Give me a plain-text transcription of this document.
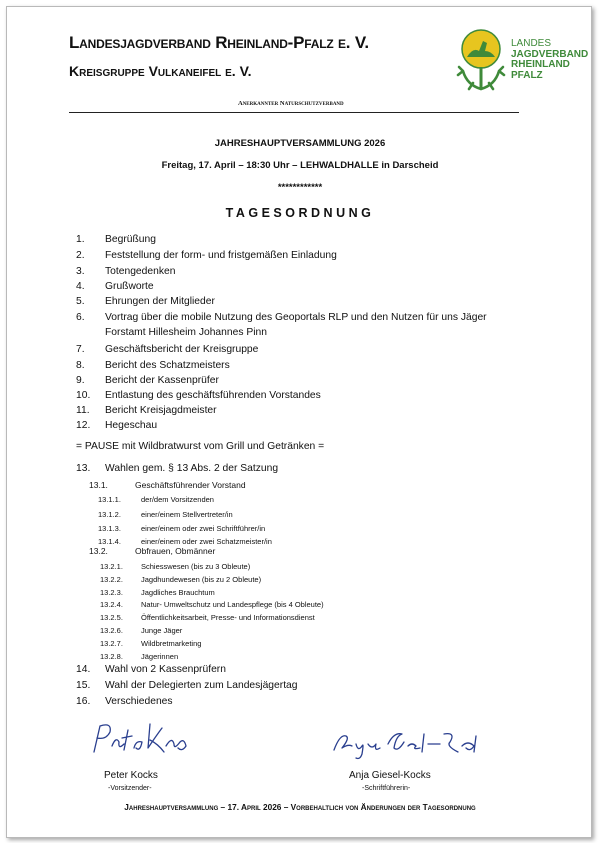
Landesjagdverband Rheinland-Pfalz e. V.
Kreisgruppe Vulkaneifel e. V.
Anerkannter Naturschutzverband
LANDES
JAGDVERBAND
RHEINLAND
PFALZ
JAHRESHAUPTVERSAMMLUNG 2026
Freitag, 17. April – 18:30 Uhr – LEHWALDHALLE in Darscheid
************
TAGESORDNUNG
1. Begrüßung
2. Feststellung der form- und fristgemäßen Einladung
3. Totengedenken
4. Grußworte
5. Ehrungen der Mitglieder
6. Vortrag über die mobile Nutzung des Geoportals RLP und den Nutzen für uns Jäger
Forstamt Hillesheim Johannes Pinn
7. Geschäftsbericht der Kreisgruppe
8. Bericht des Schatzmeisters
9. Bericht der Kassenprüfer
10. Entlastung des geschäftsführenden Vorstandes
11. Bericht Kreisjagdmeister
12. Hegeschau
= PAUSE mit Wildbratwurst vom Grill und Getränken =
13. Wahlen gem. § 13 Abs. 2 der Satzung
13.1.	Geschäftsführender Vorstand
13.1.1.	der/dem Vorsitzenden
13.1.2.	einer/einem Stellvertreter/in
13.1.3.	einer/einem oder zwei Schriftführer/in
13.1.4.	einer/einem oder zwei Schatzmeister/in
13.2.	Obfrauen, Obmänner
13.2.1. Schiesswesen (bis zu 3 Obleute)
13.2.2. Jagdhundewesen (bis zu 2 Obleute)
13.2.3. Jagdliches Brauchtum
13.2.4. Natur- Umweltschutz und Landespflege (bis 4 Obleute)
13.2.5. Öffentlichkeitsarbeit, Presse- und Informationsdienst
13.2.6. Junge Jäger
13.2.7. Wildbretmarketing
13.2.8. Jägerinnen
14. Wahl von 2 Kassenprüfern
15. Wahl der Delegierten zum Landesjägertag
16. Verschiedenes
Peter Kocks
-Vorsitzender-
Anja Giesel-Kocks
-Schriftführerin-
Jahreshauptversammlung – 17. April 2026 – Vorbehaltlich von Änderungen der Tagesordnung
